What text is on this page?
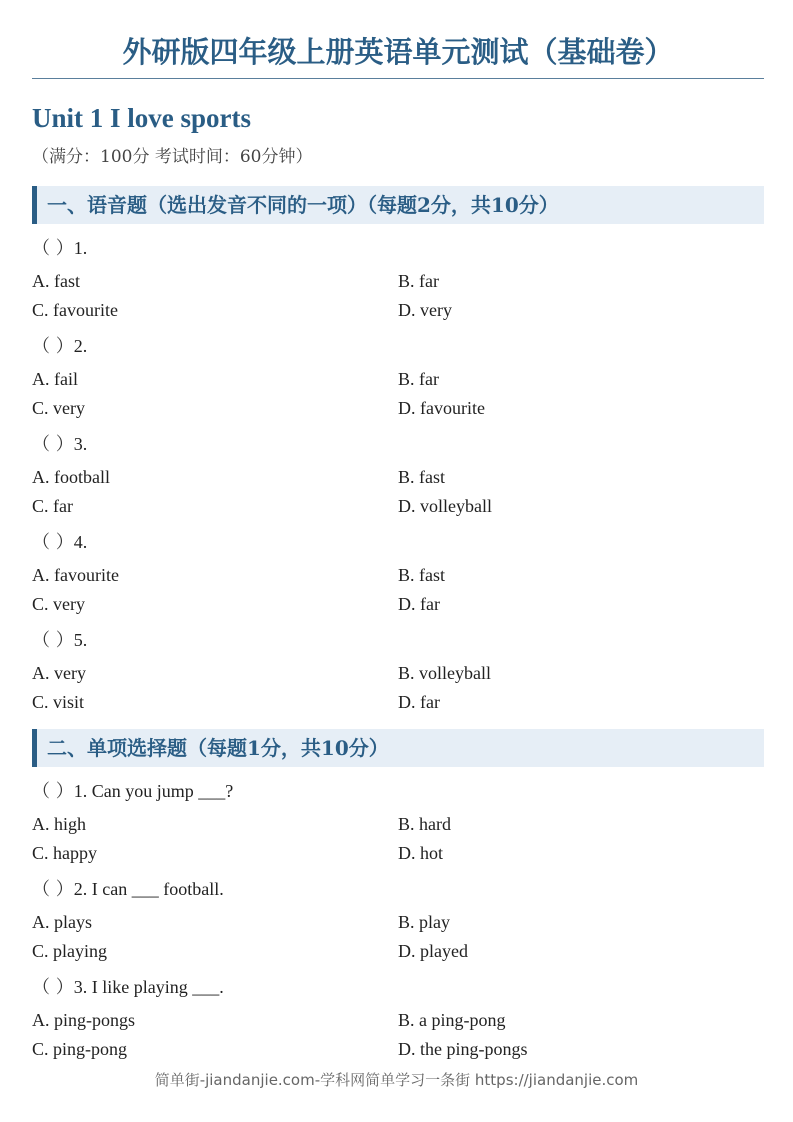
外研版四年级上册英语单元测试（基础卷）
Unit 1 I love sports
（满分：100分 考试时间：60分钟）
一、语音题（选出发音不同的一项）（每题2分，共10分）
（ ）1.
A. fast	B. far
C. favourite	D. very
（ ）2.
A. fail	B. far
C. very	D. favourite
（ ）3.
A. football	B. fast
C. far	D. volleyball
（ ）4.
A. favourite	B. fast
C. very	D. far
（ ）5.
A. very	B. volleyball
C. visit	D. far
二、单项选择题（每题1分，共10分）
（ ）1. Can you jump ___?
A. high	B. hard
C. happy	D. hot
（ ）2. I can ___ football.
A. plays	B. play
C. playing	D. played
（ ）3. I like playing ___.
A. ping-pongs	B. a ping-pong
C. ping-pong	D. the ping-pongs
简单街-jiandanjie.com-学科网简单学习一条街 https://jiandanjie.com
